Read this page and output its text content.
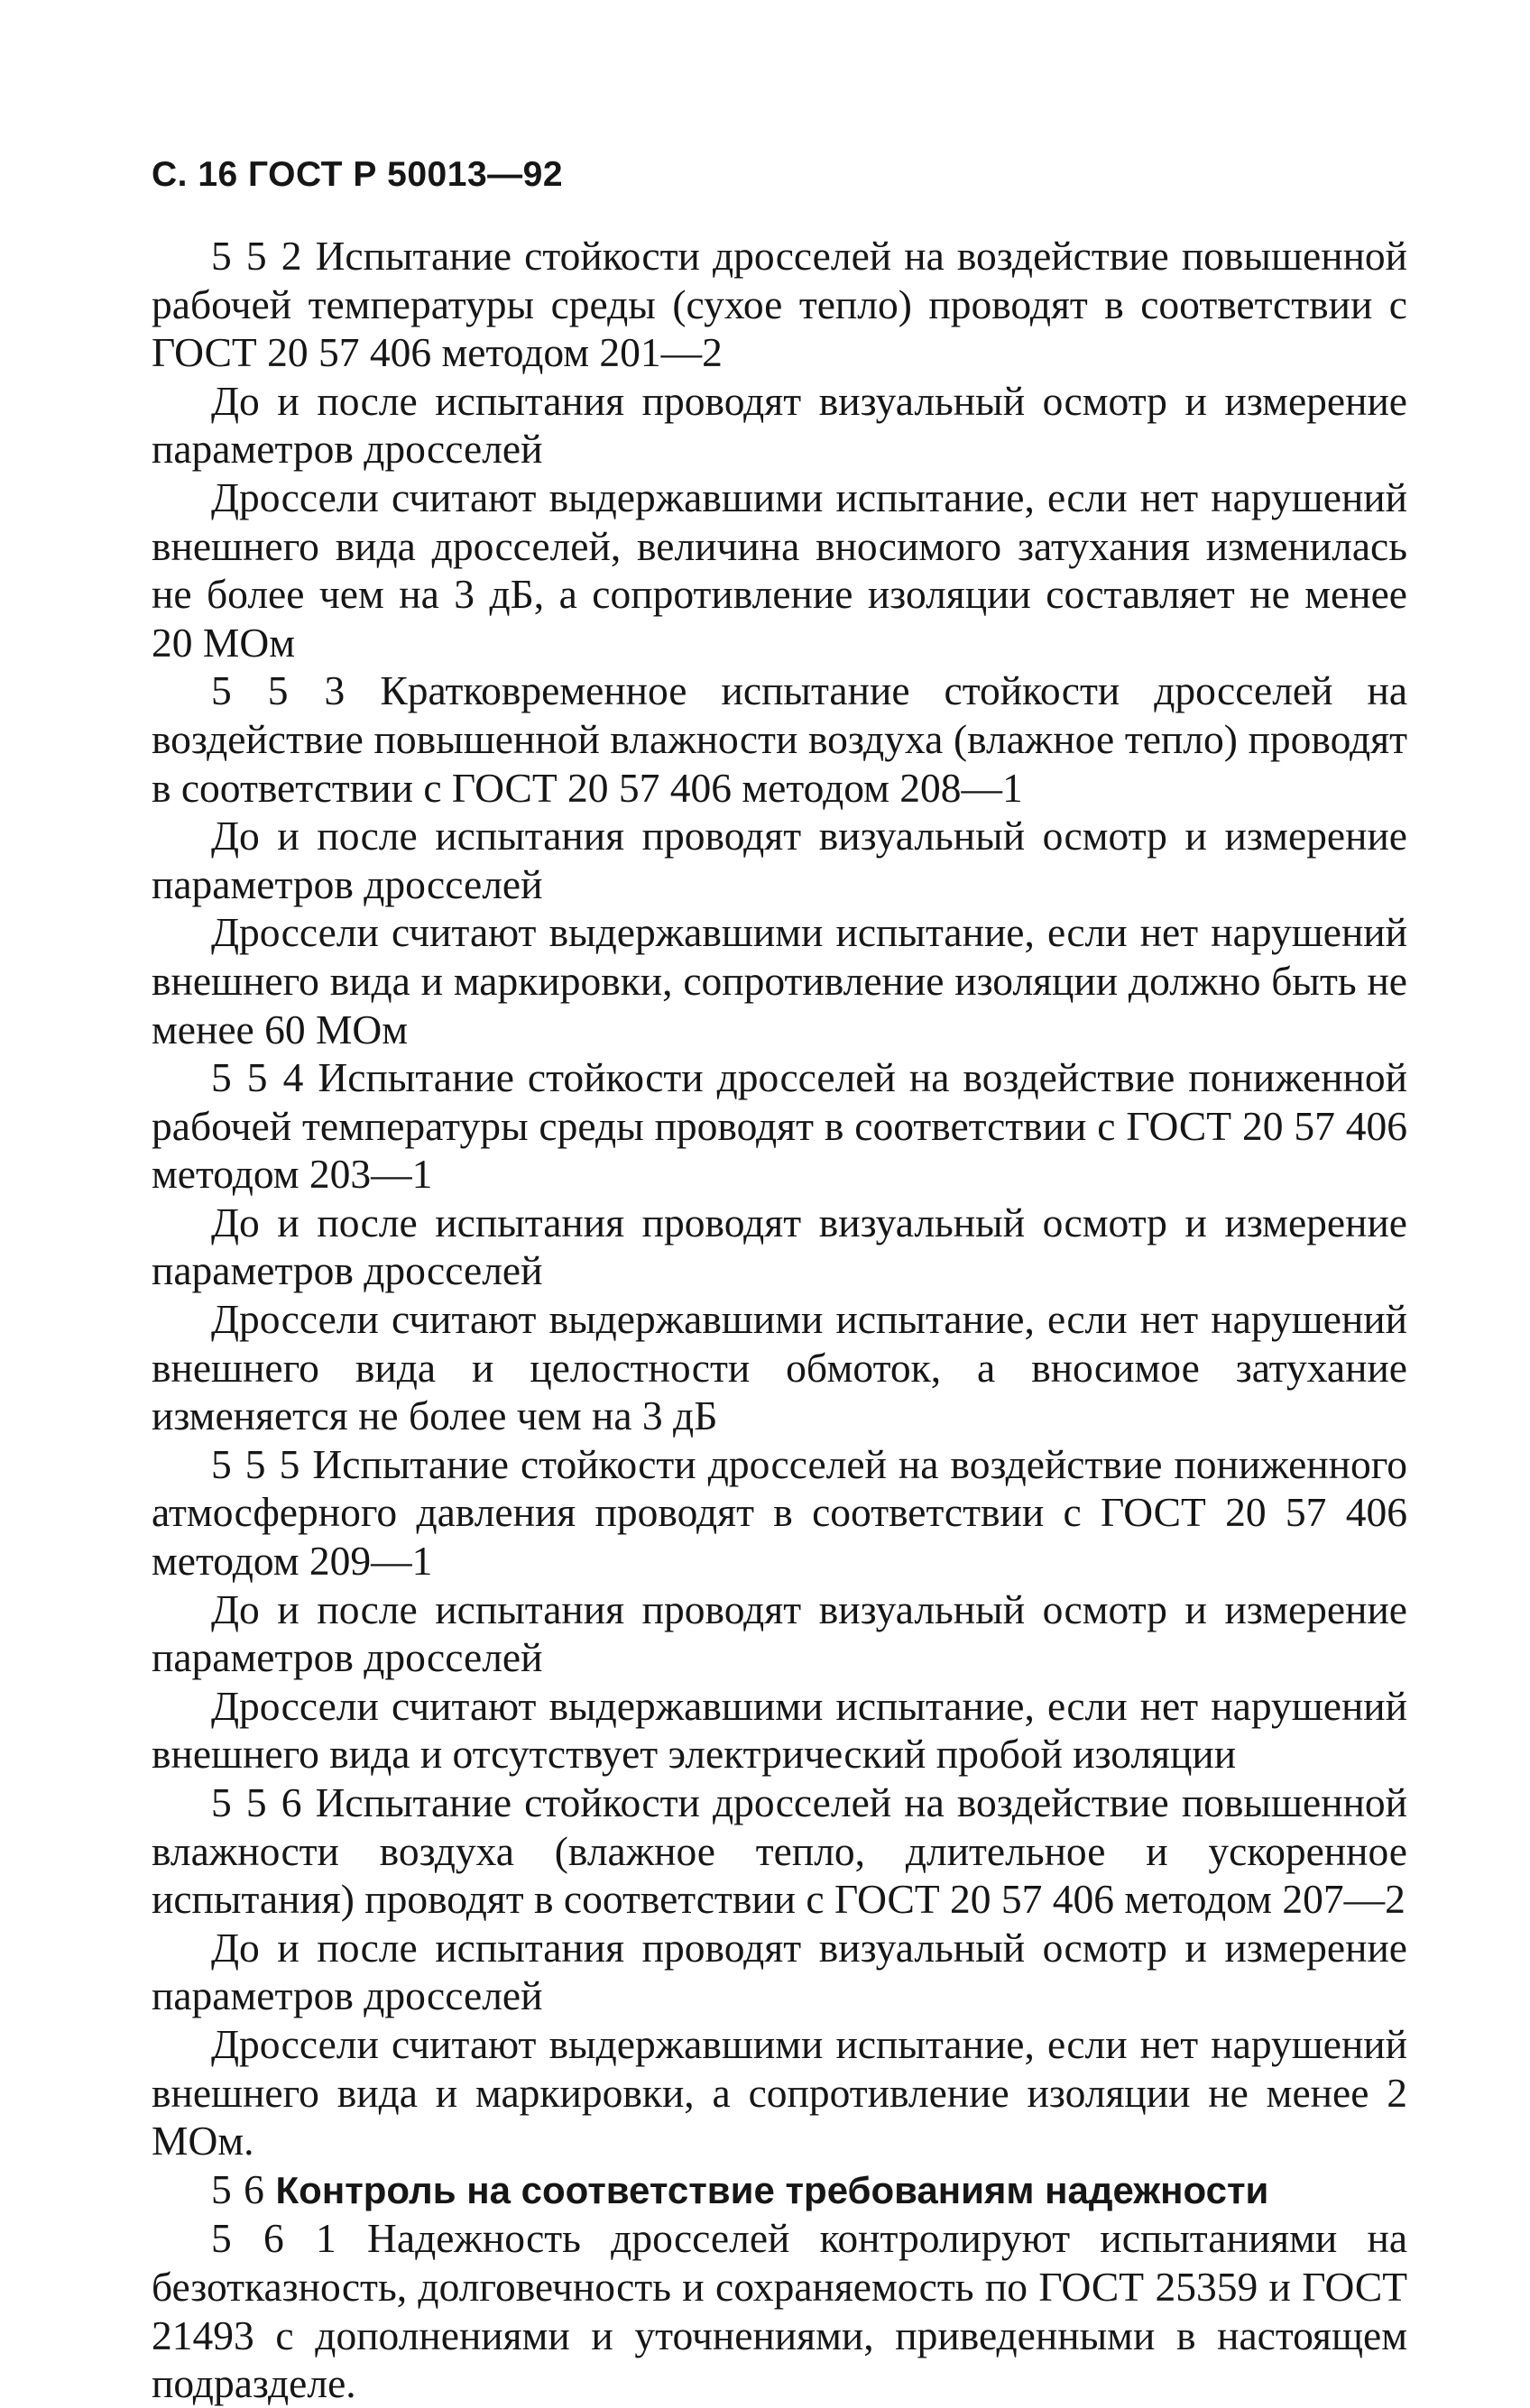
С. 16 ГОСТ Р 50013—92

5 5 2 Испытание стойкости дросселей на воздействие повышенной рабочей температуры среды (сухое тепло) проводят в соответствии с ГОСТ 20 57 406 методом 201—2

До и после испытания проводят визуальный осмотр и измерение параметров дросселей

Дроссели считают выдержавшими испытание, если нет нарушений внешнего вида дросселей, величина вносимого затухания изменилась не более чем на 3 дБ, а сопротивление изоляции составляет не менее 20 МОм

5 5 3 Кратковременное испытание стойкости дросселей на воздействие повышенной влажности воздуха (влажное тепло) проводят в соответствии с ГОСТ 20 57 406 методом 208—1

До и после испытания проводят визуальный осмотр и измерение параметров дросселей

Дроссели считают выдержавшими испытание, если нет нарушений внешнего вида и маркировки, сопротивление изоляции должно быть не менее 60 МОм

5 5 4 Испытание стойкости дросселей на воздействие пониженной рабочей температуры среды проводят в соответствии с ГОСТ 20 57 406 методом 203—1

До и после испытания проводят визуальный осмотр и измерение параметров дросселей

Дроссели считают выдержавшими испытание, если нет нарушений внешнего вида и целостности обмоток, а вносимое затухание изменяется не более чем на 3 дБ

5 5 5 Испытание стойкости дросселей на воздействие пониженного атмосферного давления проводят в соответствии с ГОСТ 20 57 406 методом 209—1

До и после испытания проводят визуальный осмотр и измерение параметров дросселей

Дроссели считают выдержавшими испытание, если нет нарушений внешнего вида и отсутствует электрический пробой изоляции

5 5 6 Испытание стойкости дросселей на воздействие повышенной влажности воздуха (влажное тепло, длительное и ускоренное испытания) проводят в соответствии с ГОСТ 20 57 406 методом 207—2

До и после испытания проводят визуальный осмотр и измерение параметров дросселей

Дроссели считают выдержавшими испытание, если нет нарушений внешнего вида и маркировки, а сопротивление изоляции не менее 2 МОм.

5 6 Контроль на соответствие требованиям надежности

5 6 1 Надежность дросселей контролируют испытаниями на безотказность, долговечность и сохраняемость по ГОСТ 25359 и ГОСТ 21493 с дополнениями и уточнениями, приведенными в настоящем подразделе.
